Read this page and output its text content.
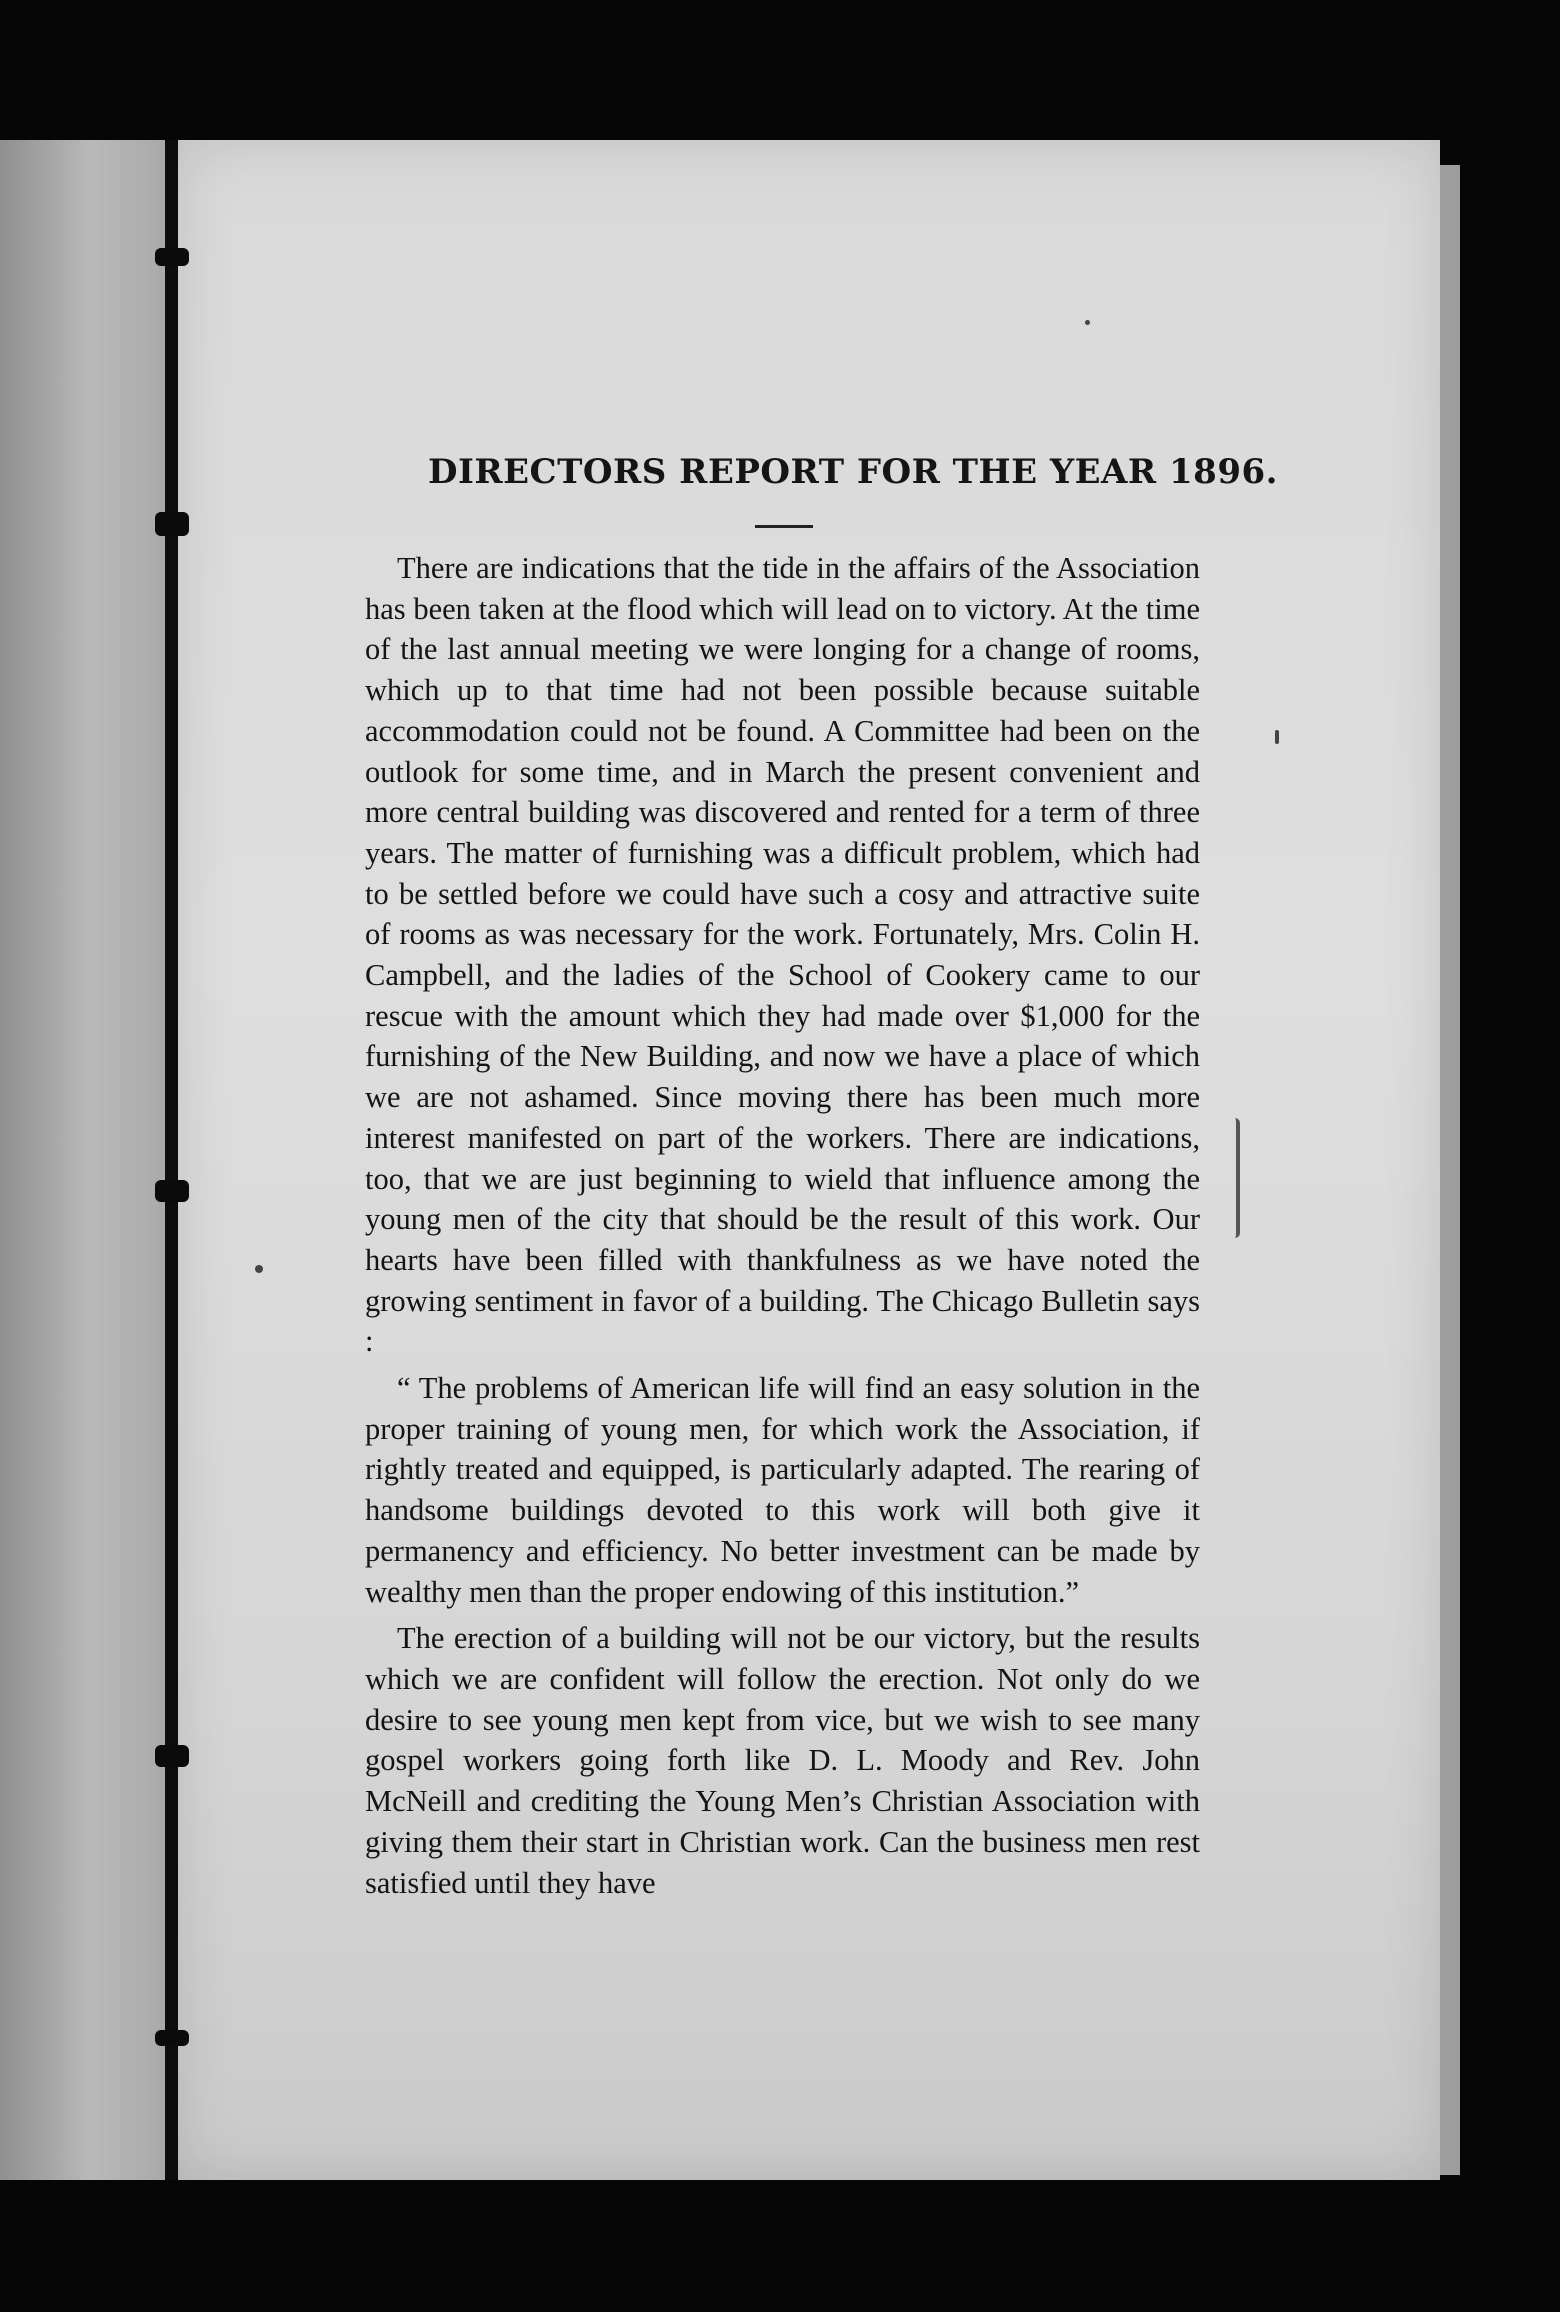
DIRECTORS REPORT FOR THE YEAR 1896.

There are indications that the tide in the affairs of the Association has been taken at the flood which will lead on to victory. At the time of the last annual meeting we were longing for a change of rooms, which up to that time had not been possible because suitable accommodation could not be found. A Committee had been on the outlook for some time, and in March the present convenient and more central building was discovered and rented for a term of three years. The matter of furnishing was a difficult problem, which had to be settled before we could have such a cosy and attractive suite of rooms as was necessary for the work. Fortunately, Mrs. Colin H. Campbell, and the ladies of the School of Cookery came to our rescue with the amount which they had made over $1,000 for the furnishing of the New Building, and now we have a place of which we are not ashamed. Since moving there has been much more interest manifested on part of the workers. There are indications, too, that we are just beginning to wield that influence among the young men of the city that should be the result of this work. Our hearts have been filled with thankfulness as we have noted the growing sentiment in favor of a building. The Chicago Bulletin says :

“ The problems of American life will find an easy solution in the proper training of young men, for which work the Association, if rightly treated and equipped, is particularly adapted. The rearing of handsome buildings devoted to this work will both give it permanency and efficiency. No better investment can be made by wealthy men than the proper endowing of this institution.”

The erection of a building will not be our victory, but the results which we are confident will follow the erection. Not only do we desire to see young men kept from vice, but we wish to see many gospel workers going forth like D. L. Moody and Rev. John McNeill and crediting the Young Men’s Christian Association with giving them their start in Christian work. Can the business men rest satisfied until they have
